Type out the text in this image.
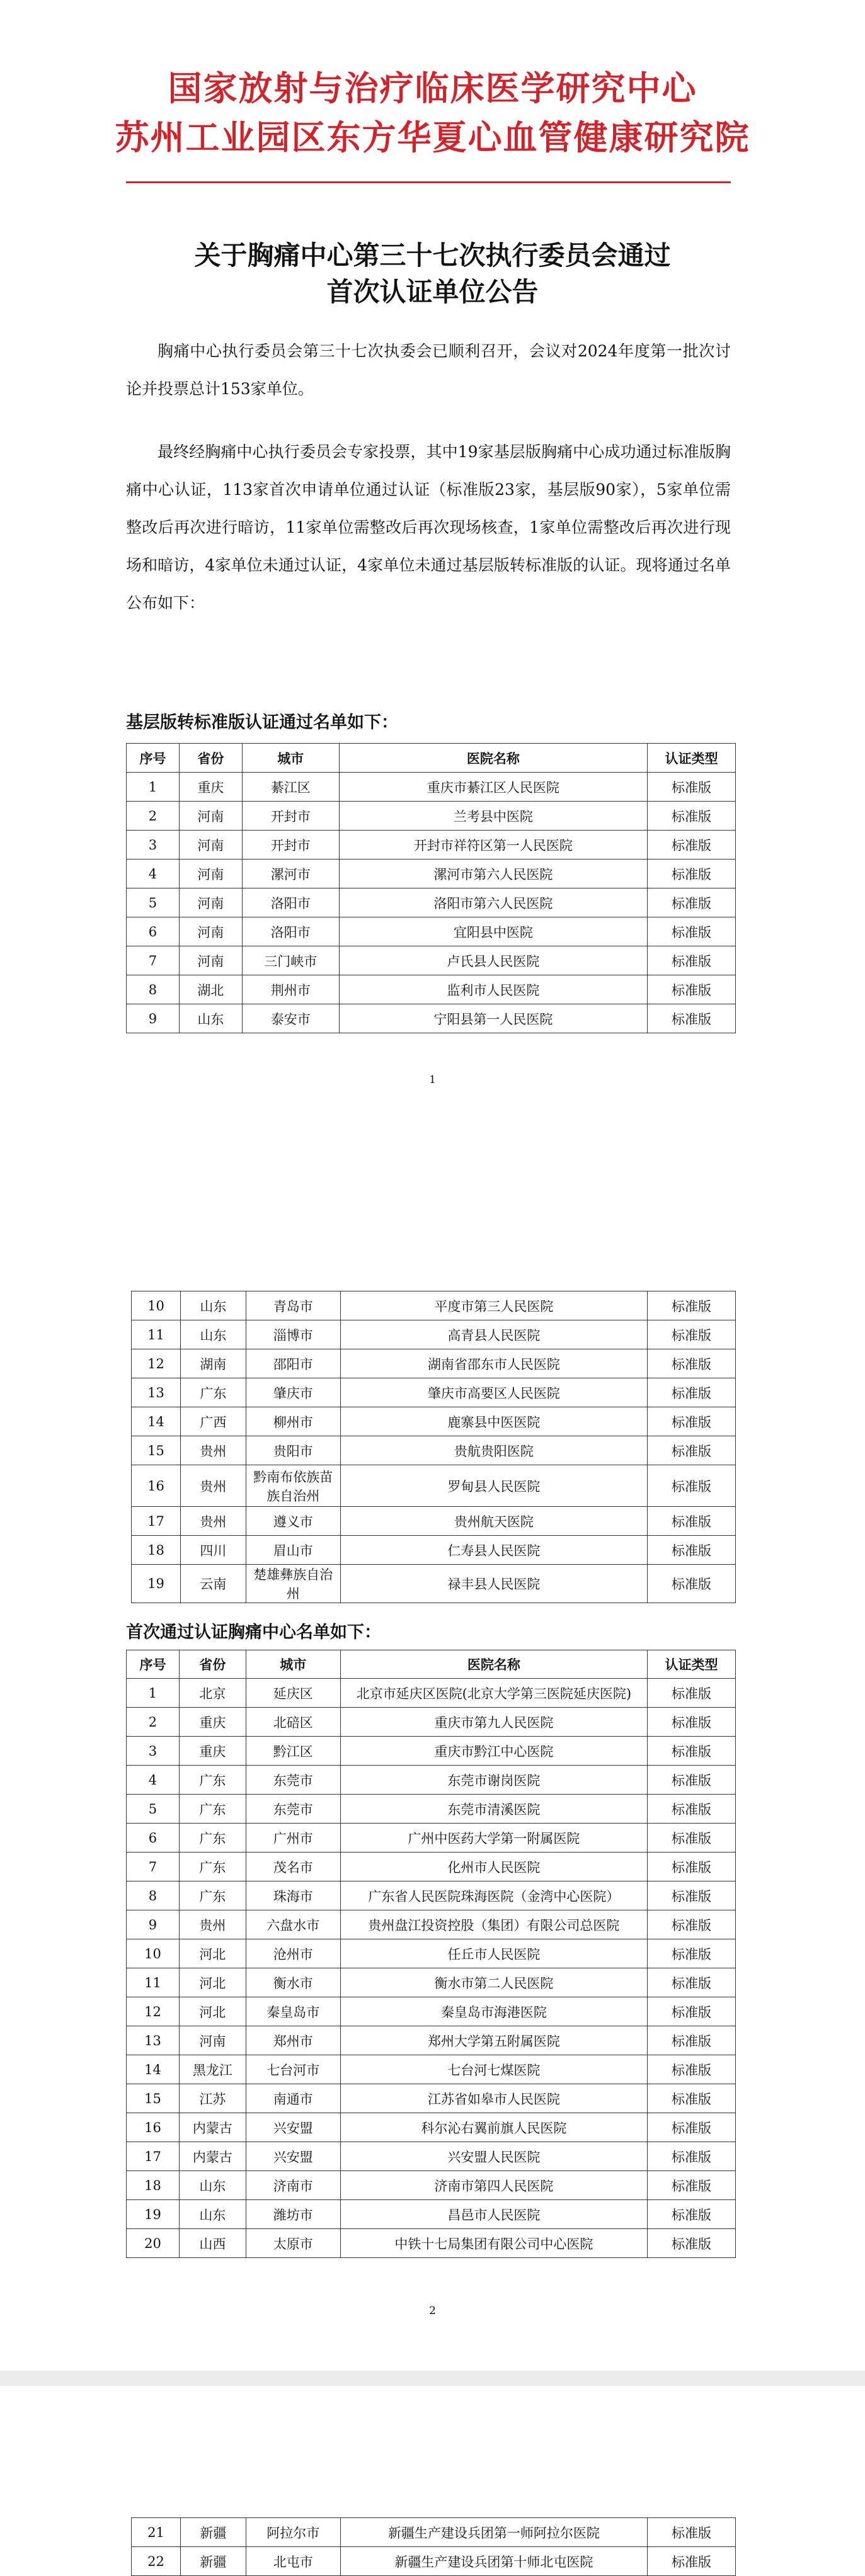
国家放射与治疗临床医学研究中心
苏州工业园区东方华夏心血管健康研究院
关于胸痛中心第三十七次执行委员会通过
首次认证单位公告

胸痛中心执行委员会第三十七次执委会已顺利召开，会议对2024年度第一批次讨论并投票总计153家单位。

最终经胸痛中心执行委员会专家投票，其中19家基层版胸痛中心成功通过标准版胸痛中心认证，113家首次申请单位通过认证（标准版23家，基层版90家），5家单位需整改后再次进行暗访，11家单位需整改后再次现场核查，1家单位需整改后再次进行现场和暗访，4家单位未通过认证，4家单位未通过基层版转标准版的认证。现将通过名单公布如下：

基层版转标准版认证通过名单如下：
序号	省份	城市	医院名称	认证类型
1	重庆	綦江区	重庆市綦江区人民医院	标准版
2	河南	开封市	兰考县中医院	标准版
3	河南	开封市	开封市祥符区第一人民医院	标准版
4	河南	漯河市	漯河市第六人民医院	标准版
5	河南	洛阳市	洛阳市第六人民医院	标准版
6	河南	洛阳市	宜阳县中医院	标准版
7	河南	三门峡市	卢氏县人民医院	标准版
8	湖北	荆州市	监利市人民医院	标准版
9	山东	泰安市	宁阳县第一人民医院	标准版
1
10	山东	青岛市	平度市第三人民医院	标准版
11	山东	淄博市	高青县人民医院	标准版
12	湖南	邵阳市	湖南省邵东市人民医院	标准版
13	广东	肇庆市	肇庆市高要区人民医院	标准版
14	广西	柳州市	鹿寨县中医医院	标准版
15	贵州	贵阳市	贵航贵阳医院	标准版
16	贵州	黔南布依族苗族自治州	罗甸县人民医院	标准版
17	贵州	遵义市	贵州航天医院	标准版
18	四川	眉山市	仁寿县人民医院	标准版
19	云南	楚雄彝族自治州	禄丰县人民医院	标准版
首次通过认证胸痛中心名单如下：
序号	省份	城市	医院名称	认证类型
1	北京	延庆区	北京市延庆区医院(北京大学第三医院延庆医院)	标准版
2	重庆	北碚区	重庆市第九人民医院	标准版
3	重庆	黔江区	重庆市黔江中心医院	标准版
4	广东	东莞市	东莞市谢岗医院	标准版
5	广东	东莞市	东莞市清溪医院	标准版
6	广东	广州市	广州中医药大学第一附属医院	标准版
7	广东	茂名市	化州市人民医院	标准版
8	广东	珠海市	广东省人民医院珠海医院（金湾中心医院）	标准版
9	贵州	六盘水市	贵州盘江投资控股（集团）有限公司总医院	标准版
10	河北	沧州市	任丘市人民医院	标准版
11	河北	衡水市	衡水市第二人民医院	标准版
12	河北	秦皇岛市	秦皇岛市海港医院	标准版
13	河南	郑州市	郑州大学第五附属医院	标准版
14	黑龙江	七台河市	七台河七煤医院	标准版
15	江苏	南通市	江苏省如皋市人民医院	标准版
16	内蒙古	兴安盟	科尔沁右翼前旗人民医院	标准版
17	内蒙古	兴安盟	兴安盟人民医院	标准版
18	山东	济南市	济南市第四人民医院	标准版
19	山东	潍坊市	昌邑市人民医院	标准版
20	山西	太原市	中铁十七局集团有限公司中心医院	标准版
2
21	新疆	阿拉尔市	新疆生产建设兵团第一师阿拉尔医院	标准版
22	新疆	北屯市	新疆生产建设兵团第十师北屯医院	标准版
